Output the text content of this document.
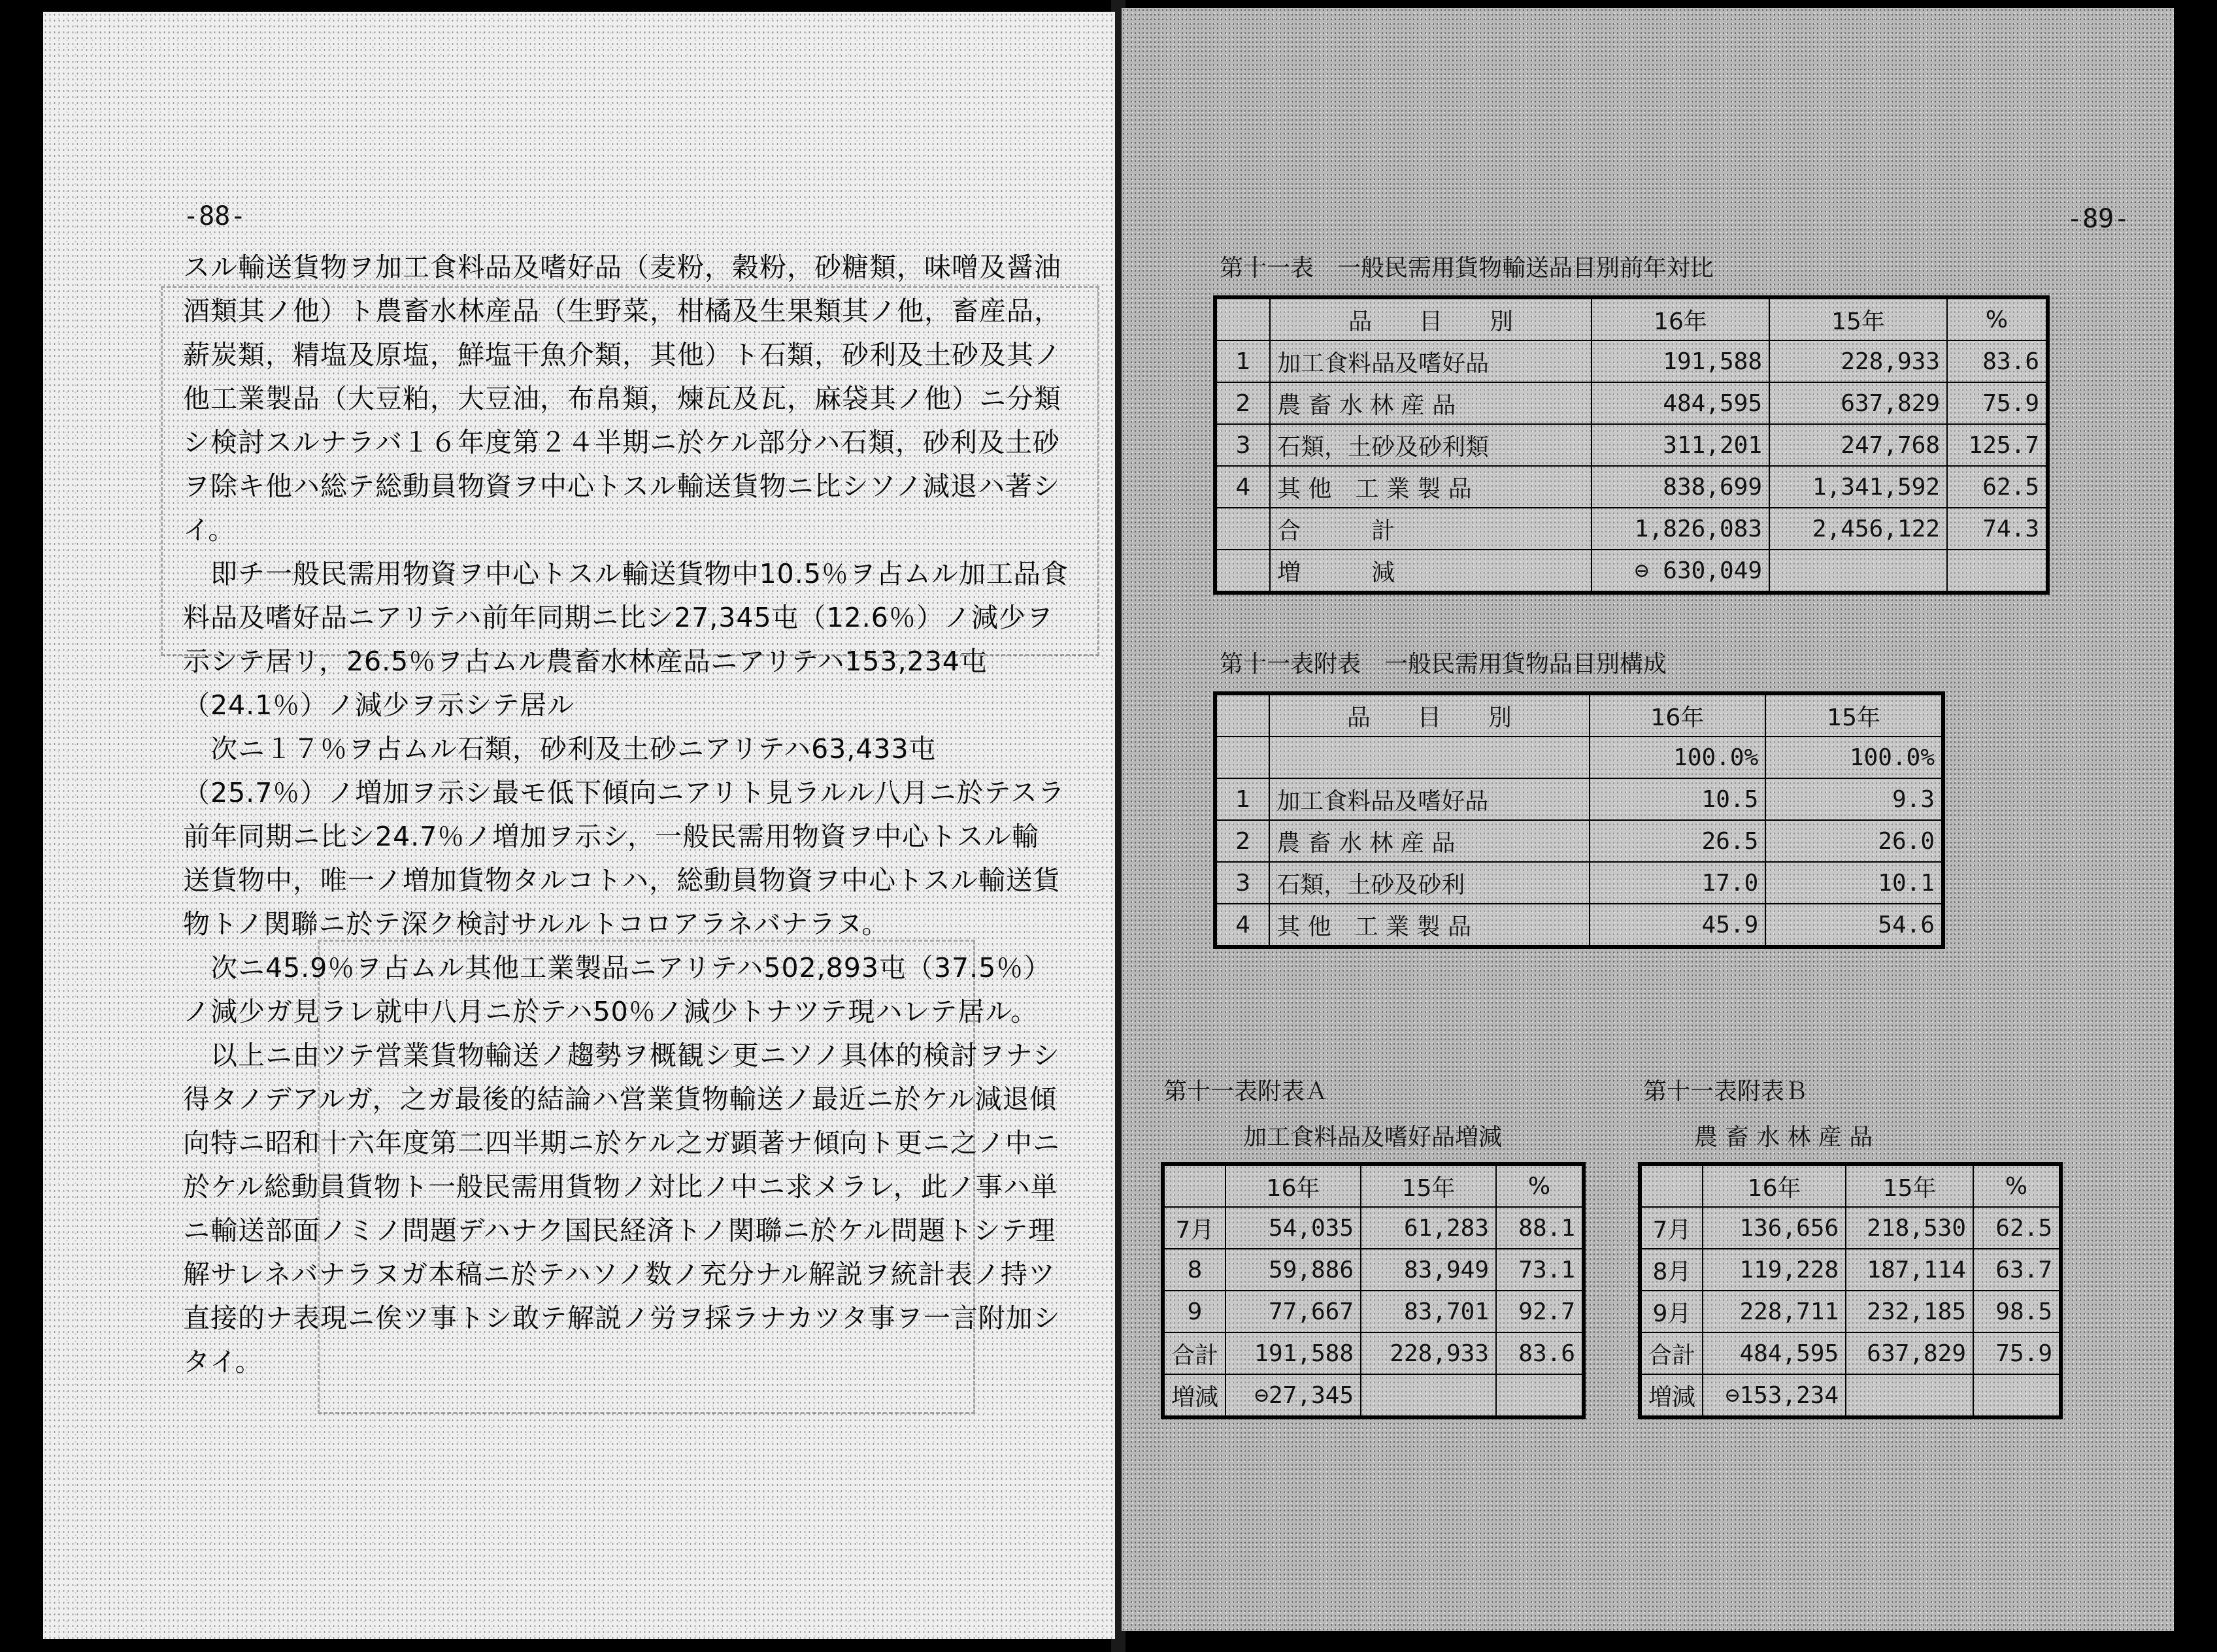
-88-
スル輸送貨物ヲ加工食料品及嗜好品（麦粉，穀粉，砂糖類，味噌及醤油
酒類其ノ他）ト農畜水林産品（生野菜，柑橘及生果類其ノ他，畜産品，
薪炭類，精塩及原塩，鮮塩干魚介類，其他）ト石類，砂利及土砂及其ノ
他工業製品（大豆粕，大豆油，布帛類，煉瓦及瓦，麻袋其ノ他）ニ分類
シ検討スルナラバ１６年度第２４半期ニ於ケル部分ハ石類，砂利及土砂
ヲ除キ他ハ総テ総動員物資ヲ中心トスル輸送貨物ニ比シソノ減退ハ著シ
イ。
　即チ一般民需用物資ヲ中心トスル輸送貨物中10.5％ヲ占ムル加工品食
料品及嗜好品ニアリテハ前年同期ニ比シ27,345屯（12.6％）ノ減少ヲ
示シテ居リ，26.5％ヲ占ムル農畜水林産品ニアリテハ153,234屯
（24.1％）ノ減少ヲ示シテ居ル
　次ニ１７％ヲ占ムル石類，砂利及土砂ニアリテハ63,433屯
（25.7％）ノ増加ヲ示シ最モ低下傾向ニアリト見ラルル八月ニ於テスラ
前年同期ニ比シ24.7％ノ増加ヲ示シ，一般民需用物資ヲ中心トスル輸
送貨物中，唯一ノ増加貨物タルコトハ，総動員物資ヲ中心トスル輸送貨
物トノ関聯ニ於テ深ク検討サルルトコロアラネバナラヌ。
　次ニ45.9％ヲ占ムル其他工業製品ニアリテハ502,893屯（37.5％）
ノ減少ガ見ラレ就中八月ニ於テハ50％ノ減少トナツテ現ハレテ居ル。
　以上ニ由ツテ営業貨物輸送ノ趨勢ヲ概観シ更ニソノ具体的検討ヲナシ
得タノデアルガ，之ガ最後的結論ハ営業貨物輸送ノ最近ニ於ケル減退傾
向特ニ昭和十六年度第二四半期ニ於ケル之ガ顕著ナ傾向ト更ニ之ノ中ニ
於ケル総動員貨物ト一般民需用貨物ノ対比ノ中ニ求メラレ，此ノ事ハ単
ニ輸送部面ノミノ問題デハナク国民経済トノ関聯ニ於ケル問題トシテ理
解サレネバナラヌガ本稿ニ於テハソノ数ノ充分ナル解説ヲ統計表ノ持ツ
直接的ナ表現ニ俟ツ事トシ敢テ解説ノ労ヲ採ラナカツタ事ヲ一言附加シ
タイ。
-89-
第十一表　一般民需用貨物輸送品目別前年対比
	品　　目　　別	16年	15年	%
1	加工食料品及嗜好品	191,588	228,933	83.6
2	農 畜 水 林 産 品	484,595	637,829	75.9
3	石類，土砂及砂利類	311,201	247,768	125.7
4	其 他　工 業 製 品	838,699	1,341,592	62.5
	合　　　計	1,826,083	2,456,122	74.3
	増　　　減	⊖ 630,049		
第十一表附表　一般民需用貨物品目別構成
	品　　目　　別	16年	15年
		100.0%	100.0%
1	加工食料品及嗜好品	10.5	9.3
2	農 畜 水 林 産 品	26.5	26.0
3	石類，土砂及砂利	17.0	10.1
4	其 他　工 業 製 品	45.9	54.6
第十一表附表Ａ
加工食料品及嗜好品増減
	16年	15年	%
7月	54,035	61,283	88.1
8	59,886	83,949	73.1
9	77,667	83,701	92.7
合計	191,588	228,933	83.6
増減	⊖27,345		
第十一表附表Ｂ
農 畜 水 林 産 品
	16年	15年	%
7月	136,656	218,530	62.5
8月	119,228	187,114	63.7
9月	228,711	232,185	98.5
合計	484,595	637,829	75.9
増減	⊖153,234		
